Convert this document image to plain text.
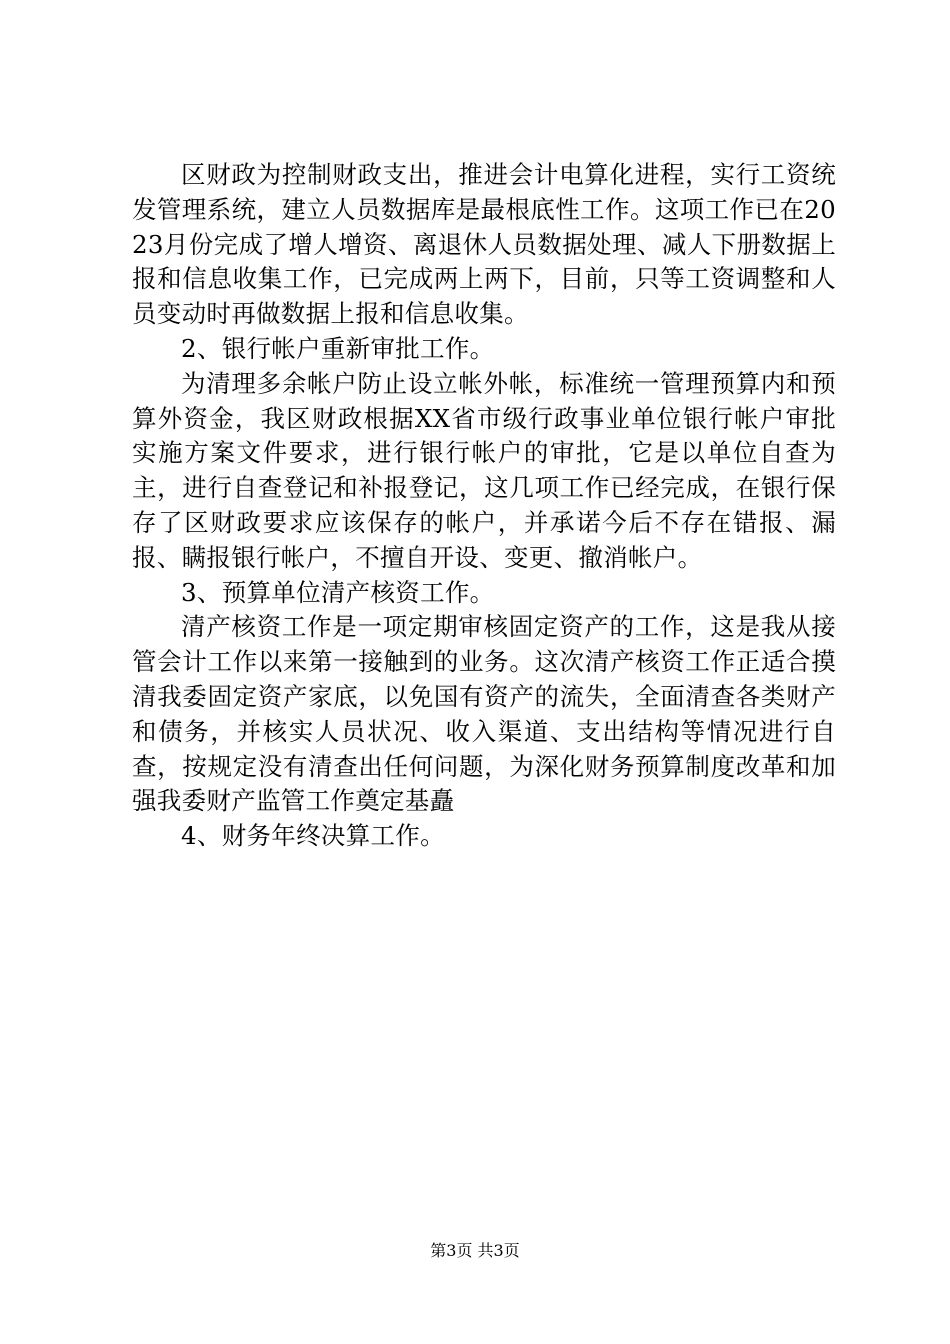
区财政为控制财政支出，推进会计电算化进程，实行工资统发管理系统，建立人员数据库是最根底性工作。这项工作已在2023月份完成了增人增资、离退休人员数据处理、减人下册数据上报和信息收集工作，已完成两上两下，目前，只等工资调整和人员变动时再做数据上报和信息收集。

2、银行帐户重新审批工作。

为清理多余帐户防止设立帐外帐，标准统一管理预算内和预算外资金，我区财政根据XX省市级行政事业单位银行帐户审批实施方案文件要求，进行银行帐户的审批，它是以单位自查为主，进行自查登记和补报登记，这几项工作已经完成，在银行保存了区财政要求应该保存的帐户，并承诺今后不存在错报、漏报、瞒报银行帐户，不擅自开设、变更、撤消帐户。

3、预算单位清产核资工作。

清产核资工作是一项定期审核固定资产的工作，这是我从接管会计工作以来第一接触到的业务。这次清产核资工作正适合摸清我委固定资产家底，以免国有资产的流失，全面清查各类财产和债务，并核实人员状况、收入渠道、支出结构等情况进行自查，按规定没有清查出任何问题，为深化财务预算制度改革和加强我委财产监管工作奠定基矗

4、财务年终决算工作。

第3页 共3页
